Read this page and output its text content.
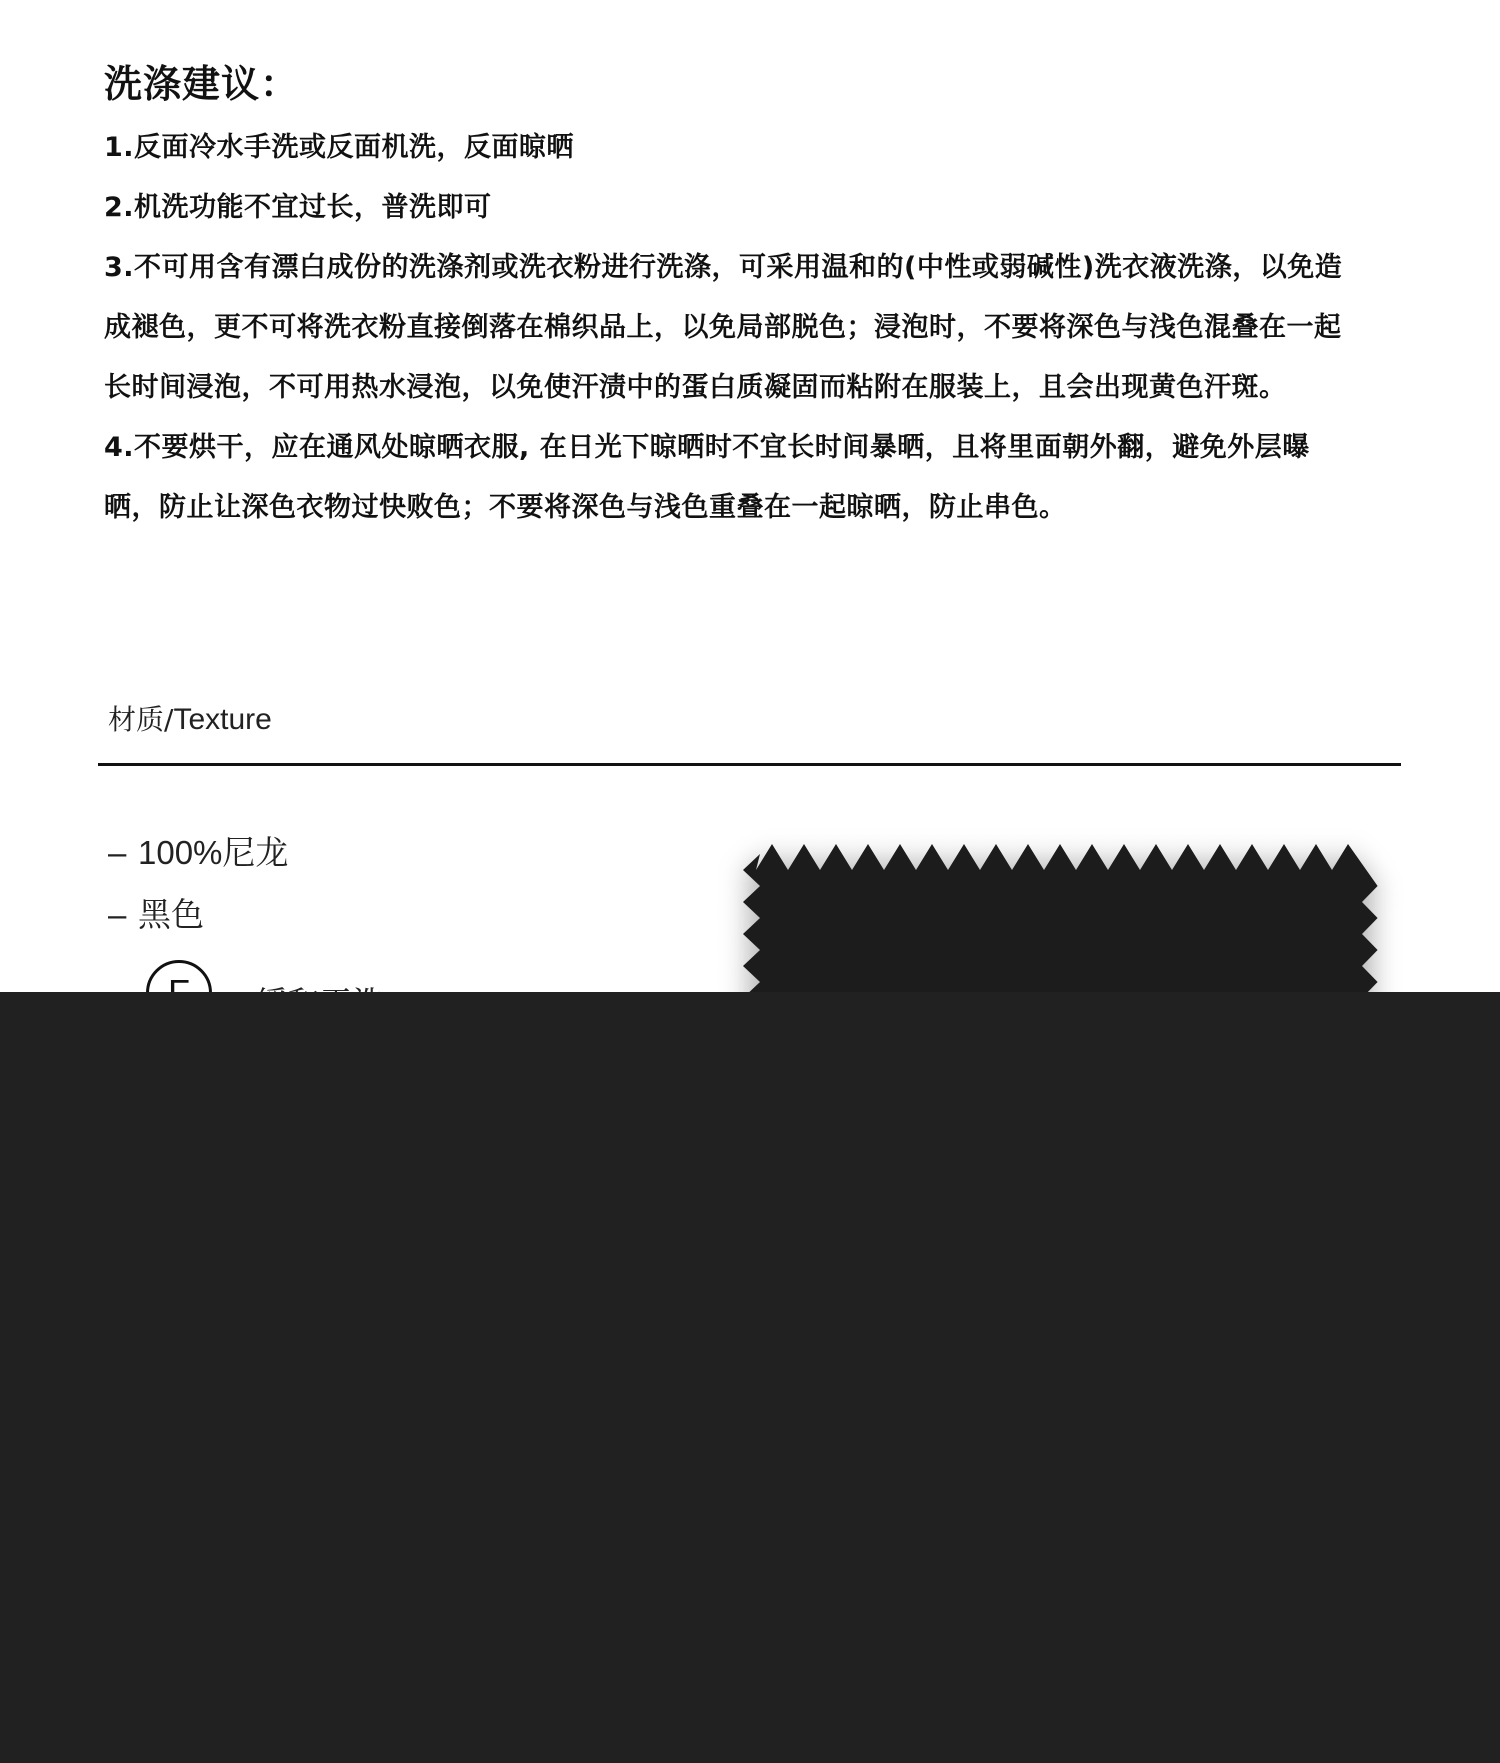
洗涤建议：
1.反面冷水手洗或反面机洗，反面晾晒
2.机洗功能不宜过长，普洗即可
3.不可用含有漂白成份的洗涤剂或洗衣粉进行洗涤，可采用温和的(中性或弱碱性)洗衣液洗涤，以免造成褪色，更不可将洗衣粉直接倒落在棉织品上，以免局部脱色；浸泡时，不要将深色与浅色混叠在一起长时间浸泡，不可用热水浸泡，以免使汗渍中的蛋白质凝固而粘附在服装上，且会出现黄色汗斑。
4.不要烘干，应在通风处晾晒衣服, 在日光下晾晒时不宜长时间暴晒，且将里面朝外翻，避免外层曝晒，防止让深色衣物过快败色；不要将深色与浅色重叠在一起晾晒，防止串色。
材质/Texture
– 100%尼龙
– 黑色
